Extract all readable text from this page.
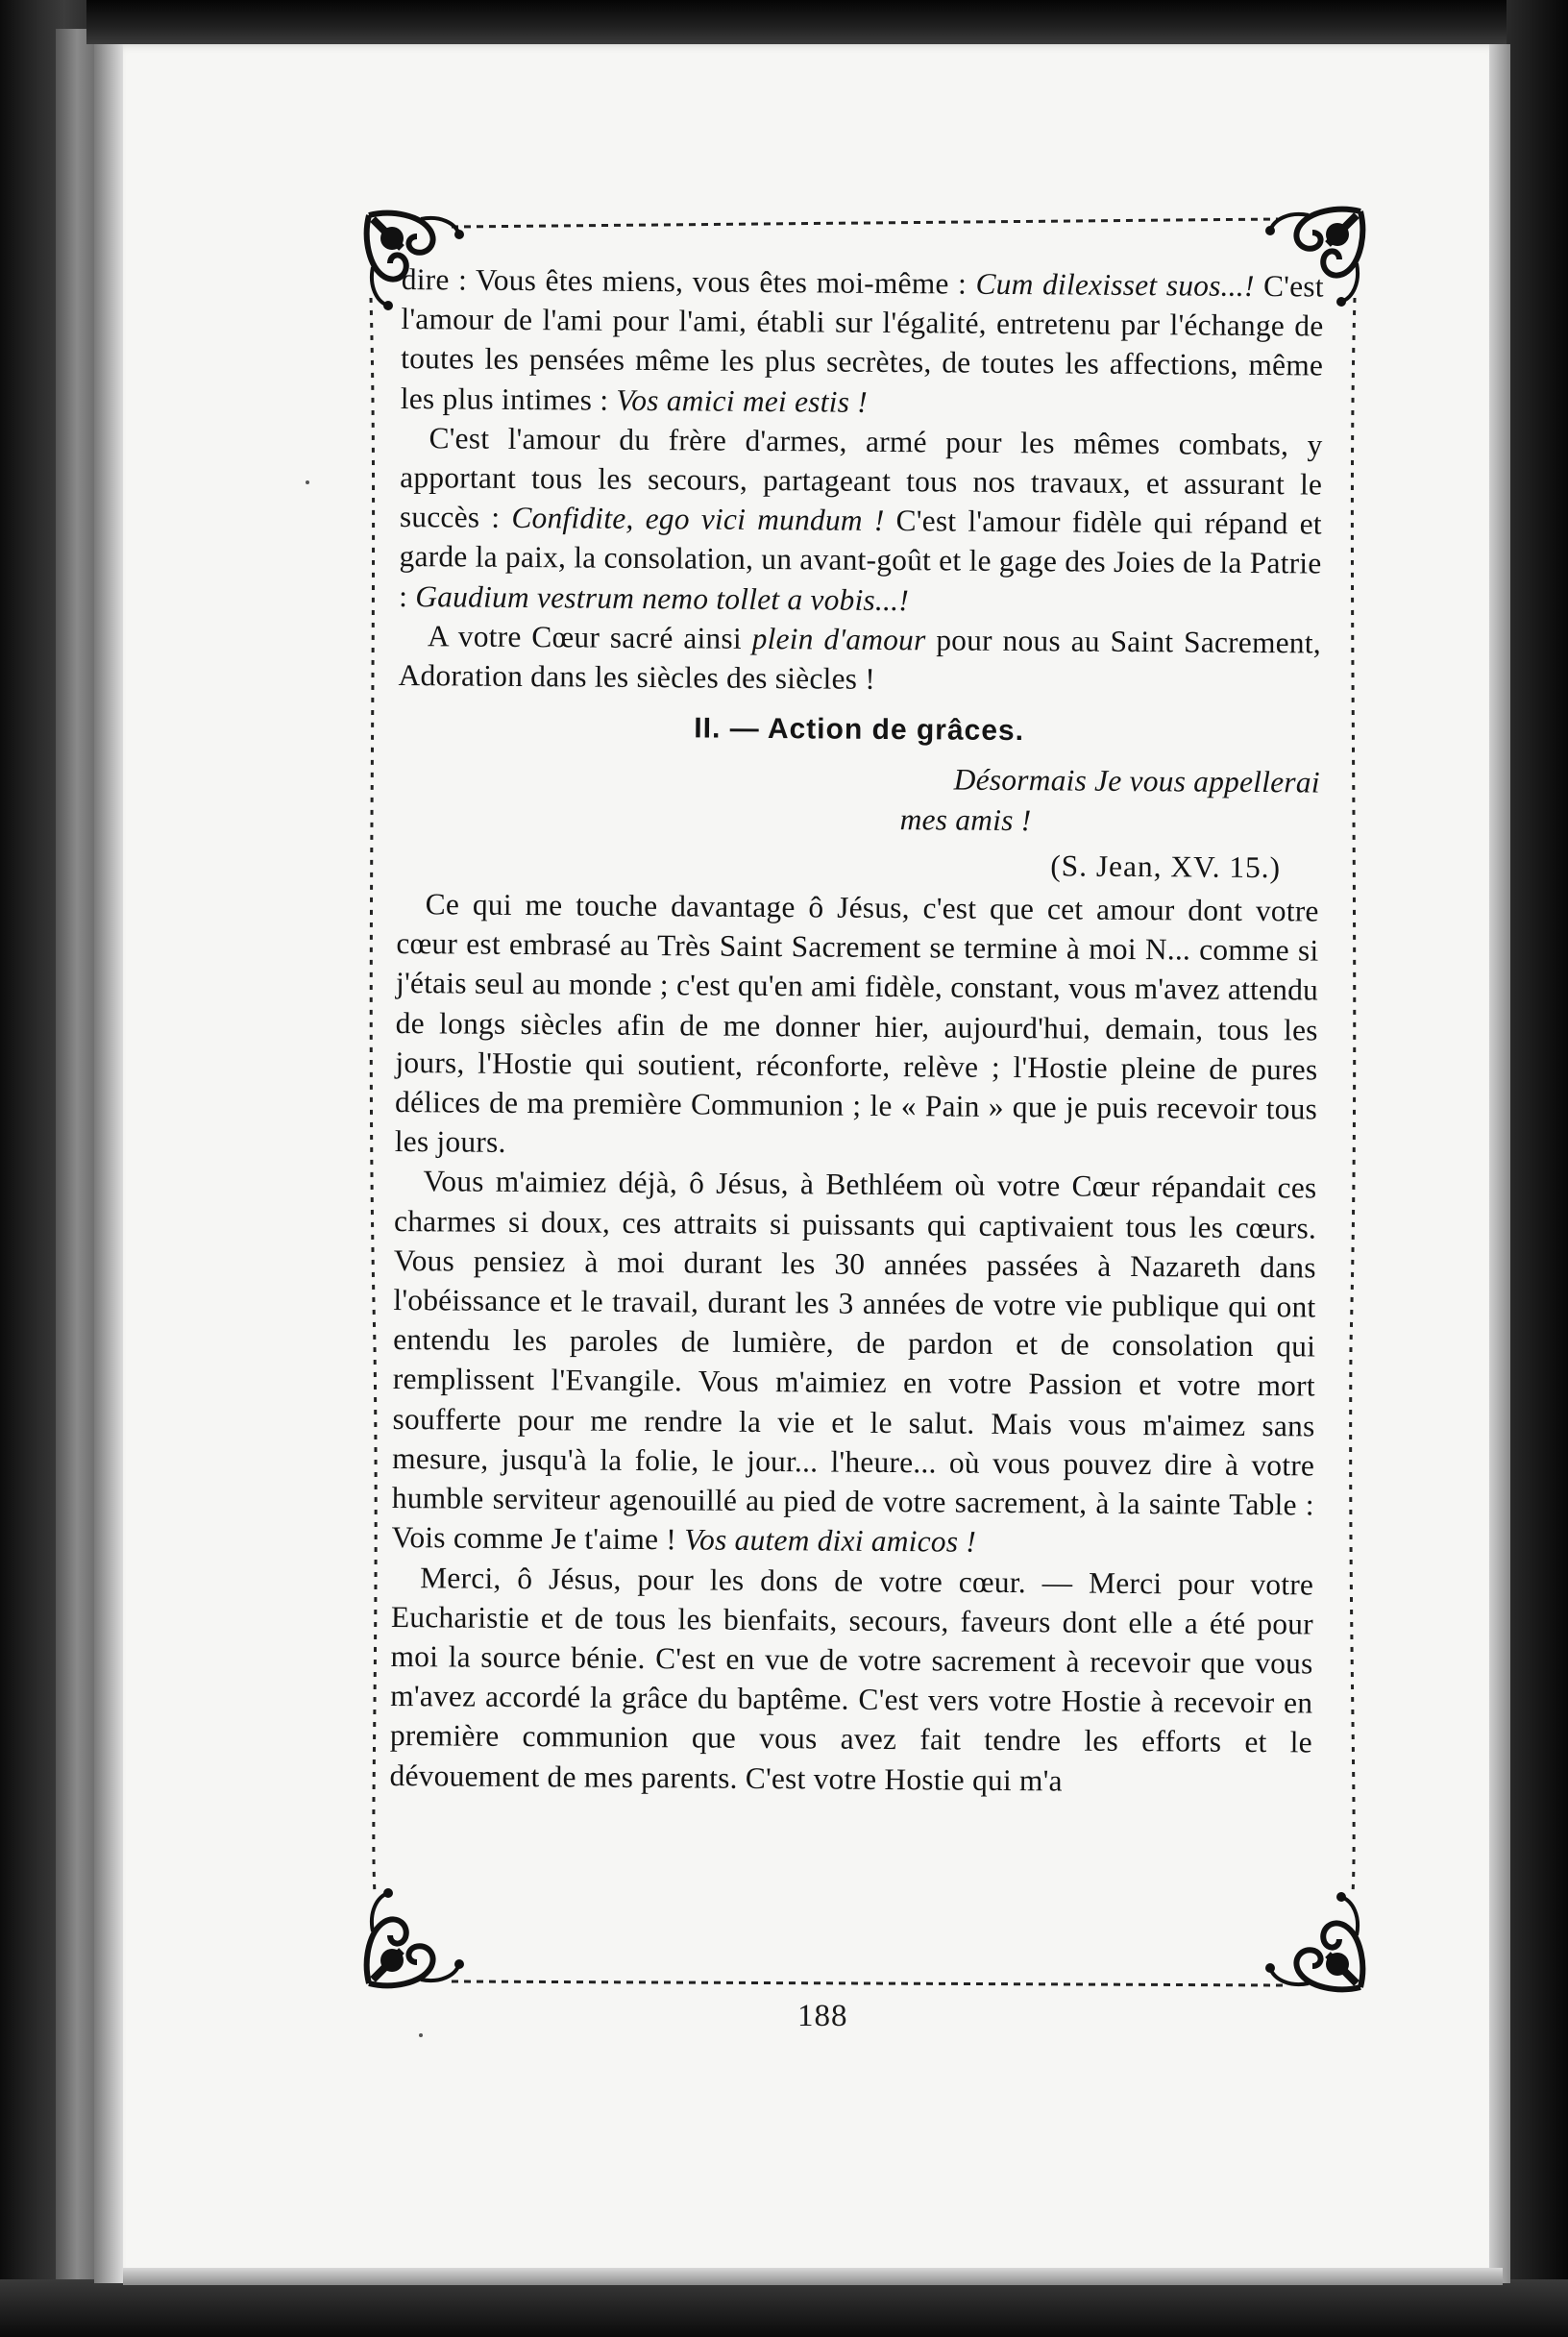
dire : Vous êtes miens, vous êtes moi-même : Cum dilexisset suos...! C'est l'amour de l'ami pour l'ami, établi sur l'égalité, entretenu par l'échange de toutes les pensées même les plus secrètes, de toutes les affections, même les plus intimes : Vos amici mei estis !

C'est l'amour du frère d'armes, armé pour les mêmes combats, y apportant tous les secours, partageant tous nos travaux, et assurant le succès : Confidite, ego vici mundum ! C'est l'amour fidèle qui répand et garde la paix, la consolation, un avant-goût et le gage des Joies de la Patrie : Gaudium vestrum nemo tollet a vobis...!

A votre Cœur sacré ainsi plein d'amour pour nous au Saint Sacrement, Adoration dans les siècles des siècles !

II. — Action de grâces.
Désormais Je vous appellerai
mes amis !
(S. Jean, XV. 15.)

Ce qui me touche davantage ô Jésus, c'est que cet amour dont votre cœur est embrasé au Très Saint Sacrement se termine à moi N... comme si j'étais seul au monde ; c'est qu'en ami fidèle, constant, vous m'avez attendu de longs siècles afin de me donner hier, aujourd'hui, demain, tous les jours, l'Hostie qui soutient, réconforte, relève ; l'Hostie pleine de pures délices de ma première Communion ; le « Pain » que je puis recevoir tous les jours.

Vous m'aimiez déjà, ô Jésus, à Bethléem où votre Cœur répandait ces charmes si doux, ces attraits si puissants qui captivaient tous les cœurs. Vous pensiez à moi durant les 30 années passées à Nazareth dans l'obéissance et le travail, durant les 3 années de votre vie publique qui ont entendu les paroles de lumière, de pardon et de consolation qui remplissent l'Evangile. Vous m'aimiez en votre Passion et votre mort soufferte pour me rendre la vie et le salut. Mais vous m'aimez sans mesure, jusqu'à la folie, le jour... l'heure... où vous pouvez dire à votre humble serviteur agenouillé au pied de votre sacrement, à la sainte Table : Vois comme Je t'aime ! Vos autem dixi amicos !

Merci, ô Jésus, pour les dons de votre cœur. — Merci pour votre Eucharistie et de tous les bienfaits, secours, faveurs dont elle a été pour moi la source bénie. C'est en vue de votre sacrement à recevoir que vous m'avez accordé la grâce du baptême. C'est vers votre Hostie à recevoir en première communion que vous avez fait tendre les efforts et le dévouement de mes parents. C'est votre Hostie qui m'a

188
